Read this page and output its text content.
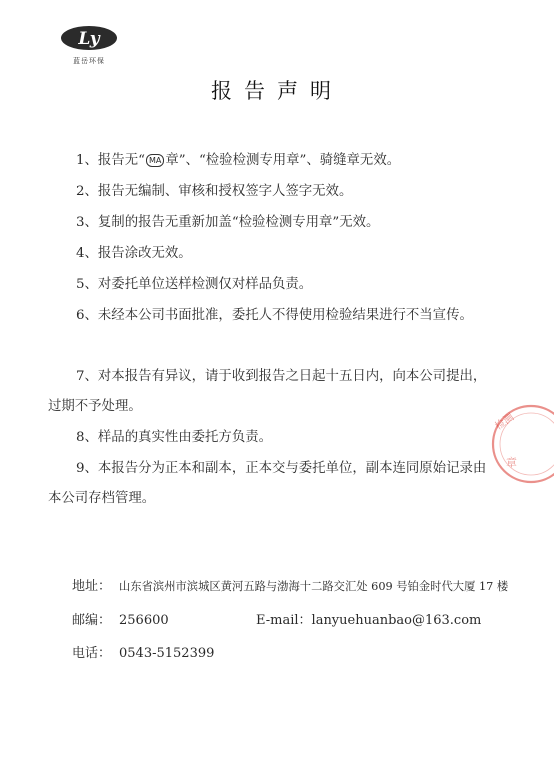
Ly
蓝岳环保
报告声明
1、报告无“ MA 章”、“检验检测专用章”、骑缝章无效。
2、报告无编制、审核和授权签字人签字无效。
3、复制的报告无重新加盖“检验检测专用章”无效。
4、报告涂改无效。
5、对委托单位送样检测仅对样品负责。
6、未经本公司书面批准，委托人不得使用检验结果进行不当宣传。
7、对本报告有异议，请于收到报告之日起十五日内，向本公司提出，
过期不予处理。
8、样品的真实性由委托方负责。
9、本报告分为正本和副本，正本交与委托单位，副本连同原始记录由
本公司存档管理。
检测
章
地址： 山东省滨州市滨城区黄河五路与渤海十二路交汇处 609 号铂金时代大厦 17 楼
邮编： 256600	E-mail：lanyuehuanbao@163.com
电话： 0543-5152399
